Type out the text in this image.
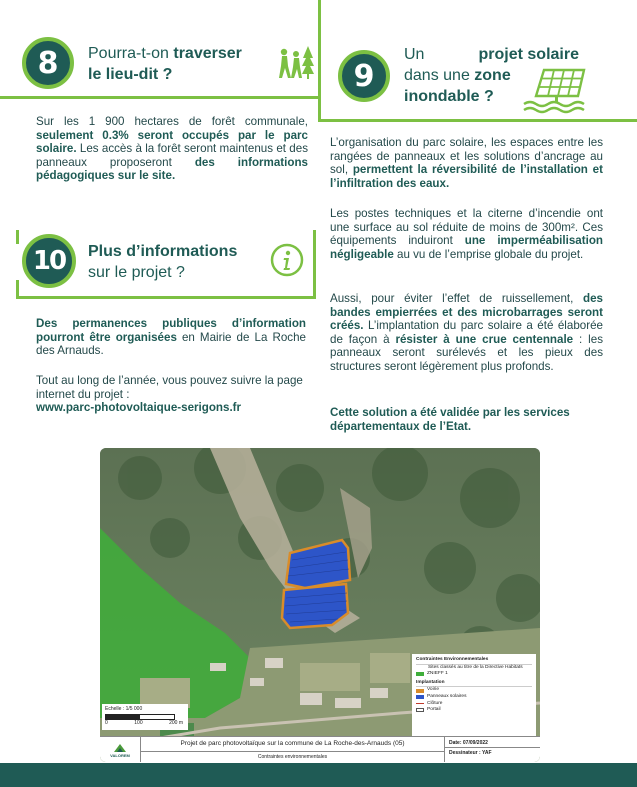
8 Pourra-t-on traverser
le lieu-dit ?
Sur les 1 900 hectares de forêt communale, seulement 0.3% seront occupés par le parc solaire. Les accès à la forêt seront maintenus et des panneaux proposeront des informations pédagogiques sur le site.
9
Un	projet solaire
dans une zone
inondable ?
L’organisation du parc solaire, les espaces entre les rangées de panneaux et les solutions d’ancrage au sol, permettent la réversibilité de l’installation et l’infiltration des eaux.
Les postes techniques et la citerne d’incendie ont une surface au sol réduite de moins de 300m². Ces équipements induiront une imperméabilisation négligeable au vu de l’emprise globale du projet.
Aussi, pour éviter l’effet de ruissellement, des bandes empierrées et des microbarrages seront créés. L’implantation du parc solaire a été élaborée de façon à résister à une crue centennale : les panneaux seront surélevés et les pieux des structures seront légèrement plus profonds.
Cette solution a été validée par les services départementaux de l’Etat.
10 Plus d’informations
sur le projet ?
Des permanences publiques d’information pourront être organisées en Mairie de La Roche des Arnauds.
Tout au long de l’année, vous pouvez suivre la page internet du projet :
www.parc-photovoltaique-serigons.fr
Contraintes Environnementales
Sites classés au titre de la Directive Habitats
ZNIEFF 1
Implantation
Voirie
Panneaux solaires
Clôture
Portail
Echelle : 1/5 000
0	100	200 m
VALOREM
Projet de parc photovoltaïque sur la commune de La Roche-des-Arnauds (05)
Contraintes environnementales
Date: 07/09/2022
Dessinateur : YAF
